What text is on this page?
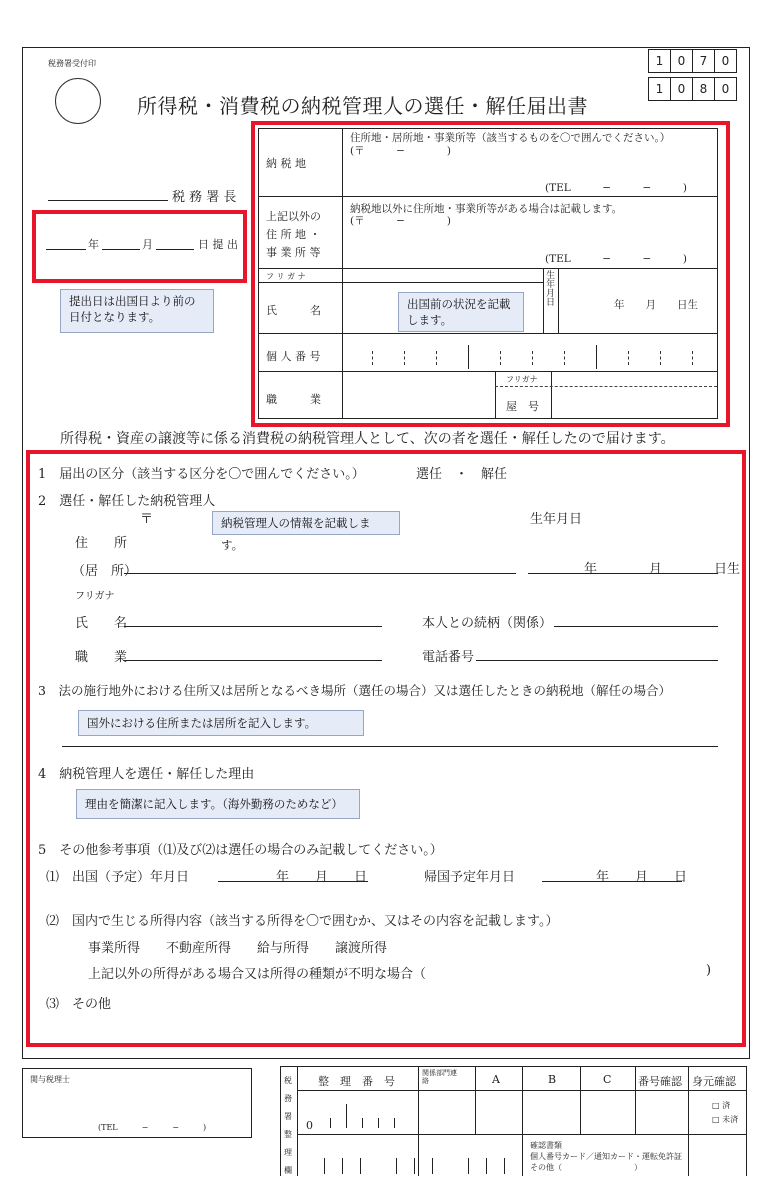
税務署受付印
所得税・消費税の納税管理人の選任・解任届出書
1	0	7	0
1	0	8	0
税 務 署 長
年	月	日 提 出
提出日は出国日より前の日付となります。
納 税 地
住所地・居所地・事業所等（該当するものを〇で囲んでください。）
(〒　　　−　　　　)
(TEL　　　−　　　−　　　)
上記以外の
住 所 地 ・
事 業 所 等
納税地以外に住所地・事業所等がある場合は記載します。
(〒　　　−　　　　)
(TEL　　　−　　　−　　　)
フ リ ガ ナ
氏　　　名
生年月日	年　　月　　日生
出国前の状況を記載します。
個 人 番 号
職　　　業
フリガナ
屋　号
所得税・資産の譲渡等に係る消費税の納税管理人として、次の者を選任・解任したので届けます。
1　届出の区分（該当する区分を〇で囲んでください。）	選任　・　解任
2　選任・解任した納税管理人
〒	納税管理人の情報を記載します。
生年月日
住　　所
（居　所）	年　　　　月　　　　日生
フリガナ
氏　　名	本人との続柄（関係）
職　　業	電話番号
3　法の施行地外における住所又は居所となるべき場所（選任の場合）又は選任したときの納税地（解任の場合）
国外における住所または居所を記入します。
4　納税管理人を選任・解任した理由
理由を簡潔に記入します。（海外勤務のためなど）
5　その他参考事項（⑴及び⑵は選任の場合のみ記載してください。）
⑴　出国（予定）年月日	年　　月　　日	帰国予定年月日	年　　月　　日
⑵　国内で生じる所得内容（該当する所得を〇で囲むか、又はその内容を記載します。）
事業所得　　不動産所得　　給与所得　　譲渡所得
上記以外の所得がある場合又は所得の種類が不明な場合（	)
⑶　その他
関与税理士
(TEL　　　−　　　−　　　)
税務署整理欄
整　理　番　号
関係部門連絡	A	B	C 番号確認 身元確認
0
□ 済
□ 未済
確認書類
個人番号カード／通知カード・運転免許証
その他（　　　　　　　　　）
